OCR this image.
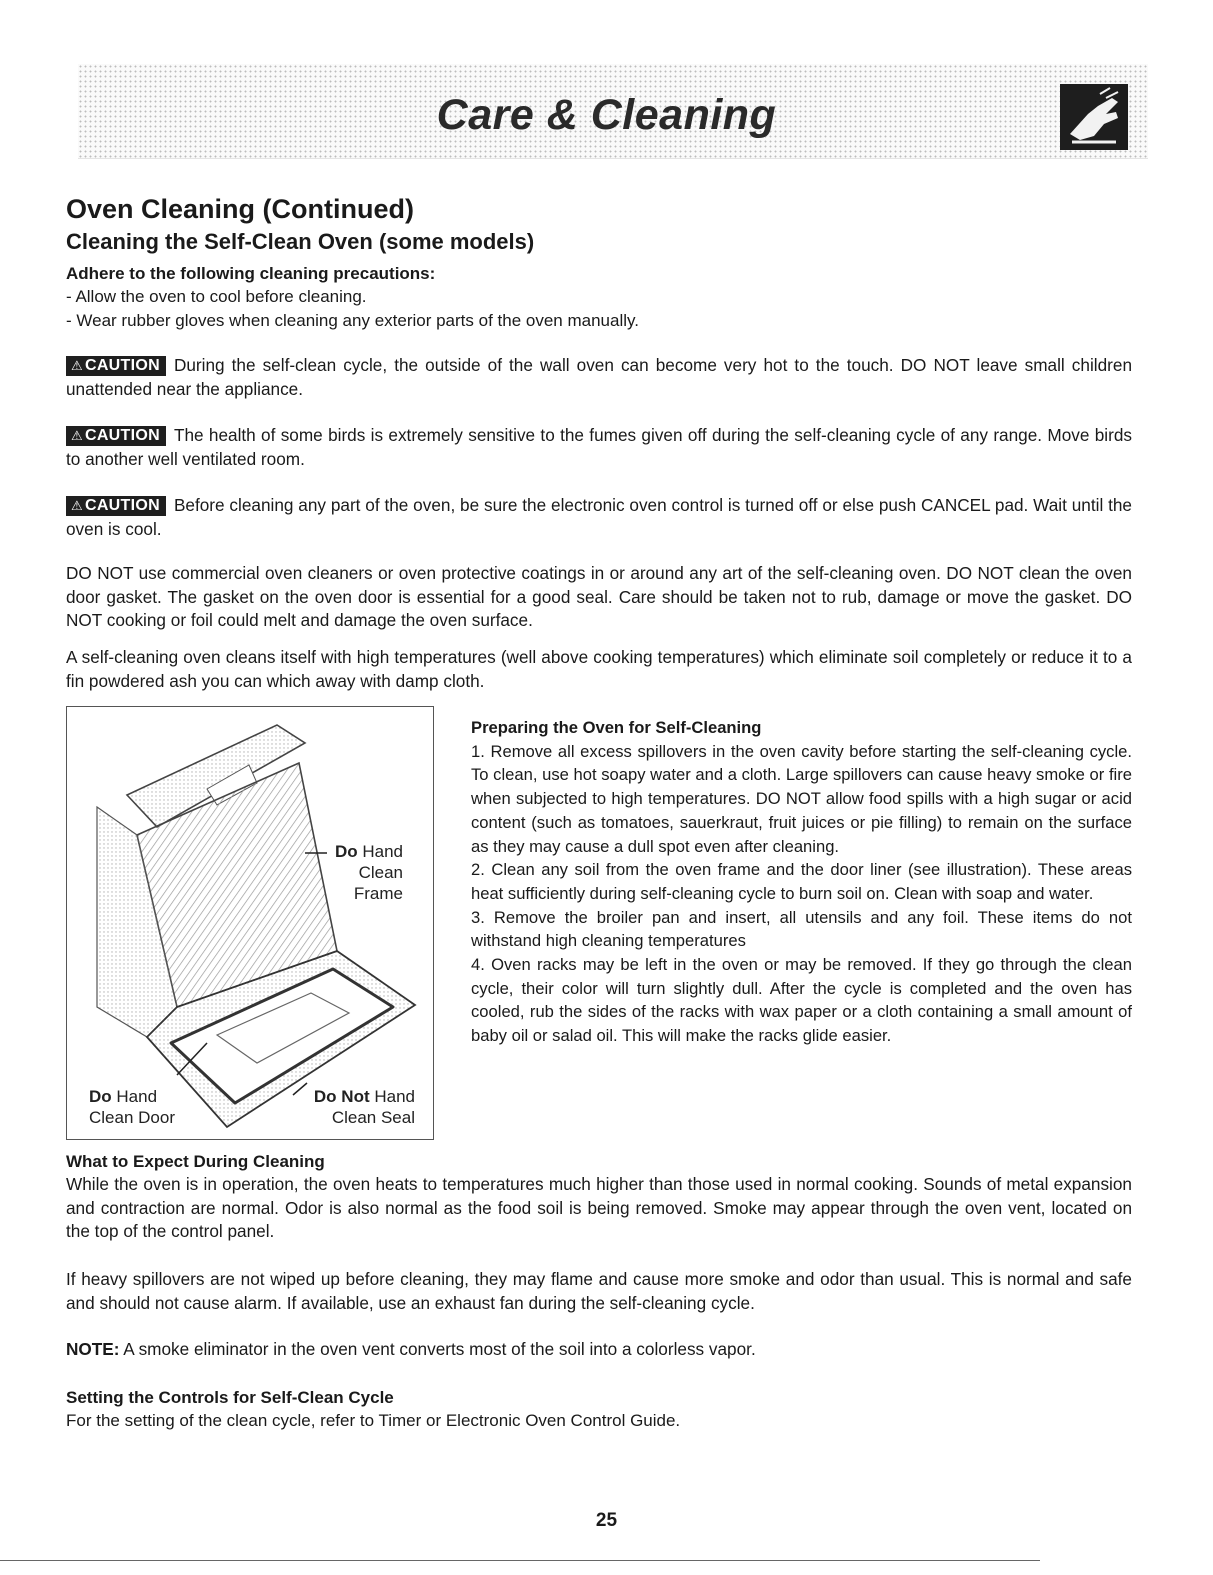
Care & Cleaning
Oven Cleaning (Continued)
Cleaning the Self-Clean Oven (some models)
Adhere to the following cleaning precautions:
- Allow the oven to cool before cleaning.
- Wear rubber gloves when cleaning any exterior parts of the oven manually.

⚠ CAUTION During the self-clean cycle, the outside of the wall oven can become very hot to the touch. DO NOT leave small children unattended near the appliance.

⚠ CAUTION The health of some birds is extremely sensitive to the fumes given off during the self-cleaning cycle of any range. Move birds to another well ventilated room.

⚠ CAUTION Before cleaning any part of the oven, be sure the electronic oven control is turned off or else push CANCEL pad. Wait until the oven is cool.

DO NOT use commercial oven cleaners or oven protective coatings in or around any art of the self-cleaning oven. DO NOT clean the oven door gasket. The gasket on the oven door is essential for a good seal. Care should be taken not to rub, damage or move the gasket. DO NOT cooking or foil could melt and damage the oven surface.

A self-cleaning oven cleans itself with high temperatures (well above cooking temperatures) which eliminate soil completely or reduce it to a fin powdered ash you can which away with damp cloth.

Do Hand
Clean
Frame
Do Hand
Clean Door
Do Not Hand
Clean Seal
Preparing the Oven for Self-Cleaning

1. Remove all excess spillovers in the oven cavity before starting the self-cleaning cycle. To clean, use hot soapy water and a cloth. Large spillovers can cause heavy smoke or fire when subjected to high temperatures. DO NOT allow food spills with a high sugar or acid content (such as tomatoes, sauerkraut, fruit juices or pie filling) to remain on the surface as they may cause a dull spot even after cleaning.

2. Clean any soil from the oven frame and the door liner (see illustration). These areas heat sufficiently during self-cleaning cycle to burn soil on. Clean with soap and water.

3. Remove the broiler pan and insert, all utensils and any foil. These items do not withstand high cleaning temperatures

4. Oven racks may be left in the oven or may be removed. If they go through the clean cycle, their color will turn slightly dull. After the cycle is completed and the oven has cooled, rub the sides of the racks with wax paper or a cloth containing a small amount of baby oil or salad oil. This will make the racks glide easier.

What to Expect During Cleaning

While the oven is in operation, the oven heats to temperatures much higher than those used in normal cooking. Sounds of metal expansion and contraction are normal. Odor is also normal as the food soil is being removed. Smoke may appear through the oven vent, located on the top of the control panel.

If heavy spillovers are not wiped up before cleaning, they may flame and cause more smoke and odor than usual. This is normal and safe and should not cause alarm. If available, use an exhaust fan during the self-cleaning cycle.

NOTE: A smoke eliminator in the oven vent converts most of the soil into a colorless vapor.

Setting the Controls for Self-Clean Cycle
For the setting of the clean cycle, refer to Timer or Electronic Oven Control Guide.
25
